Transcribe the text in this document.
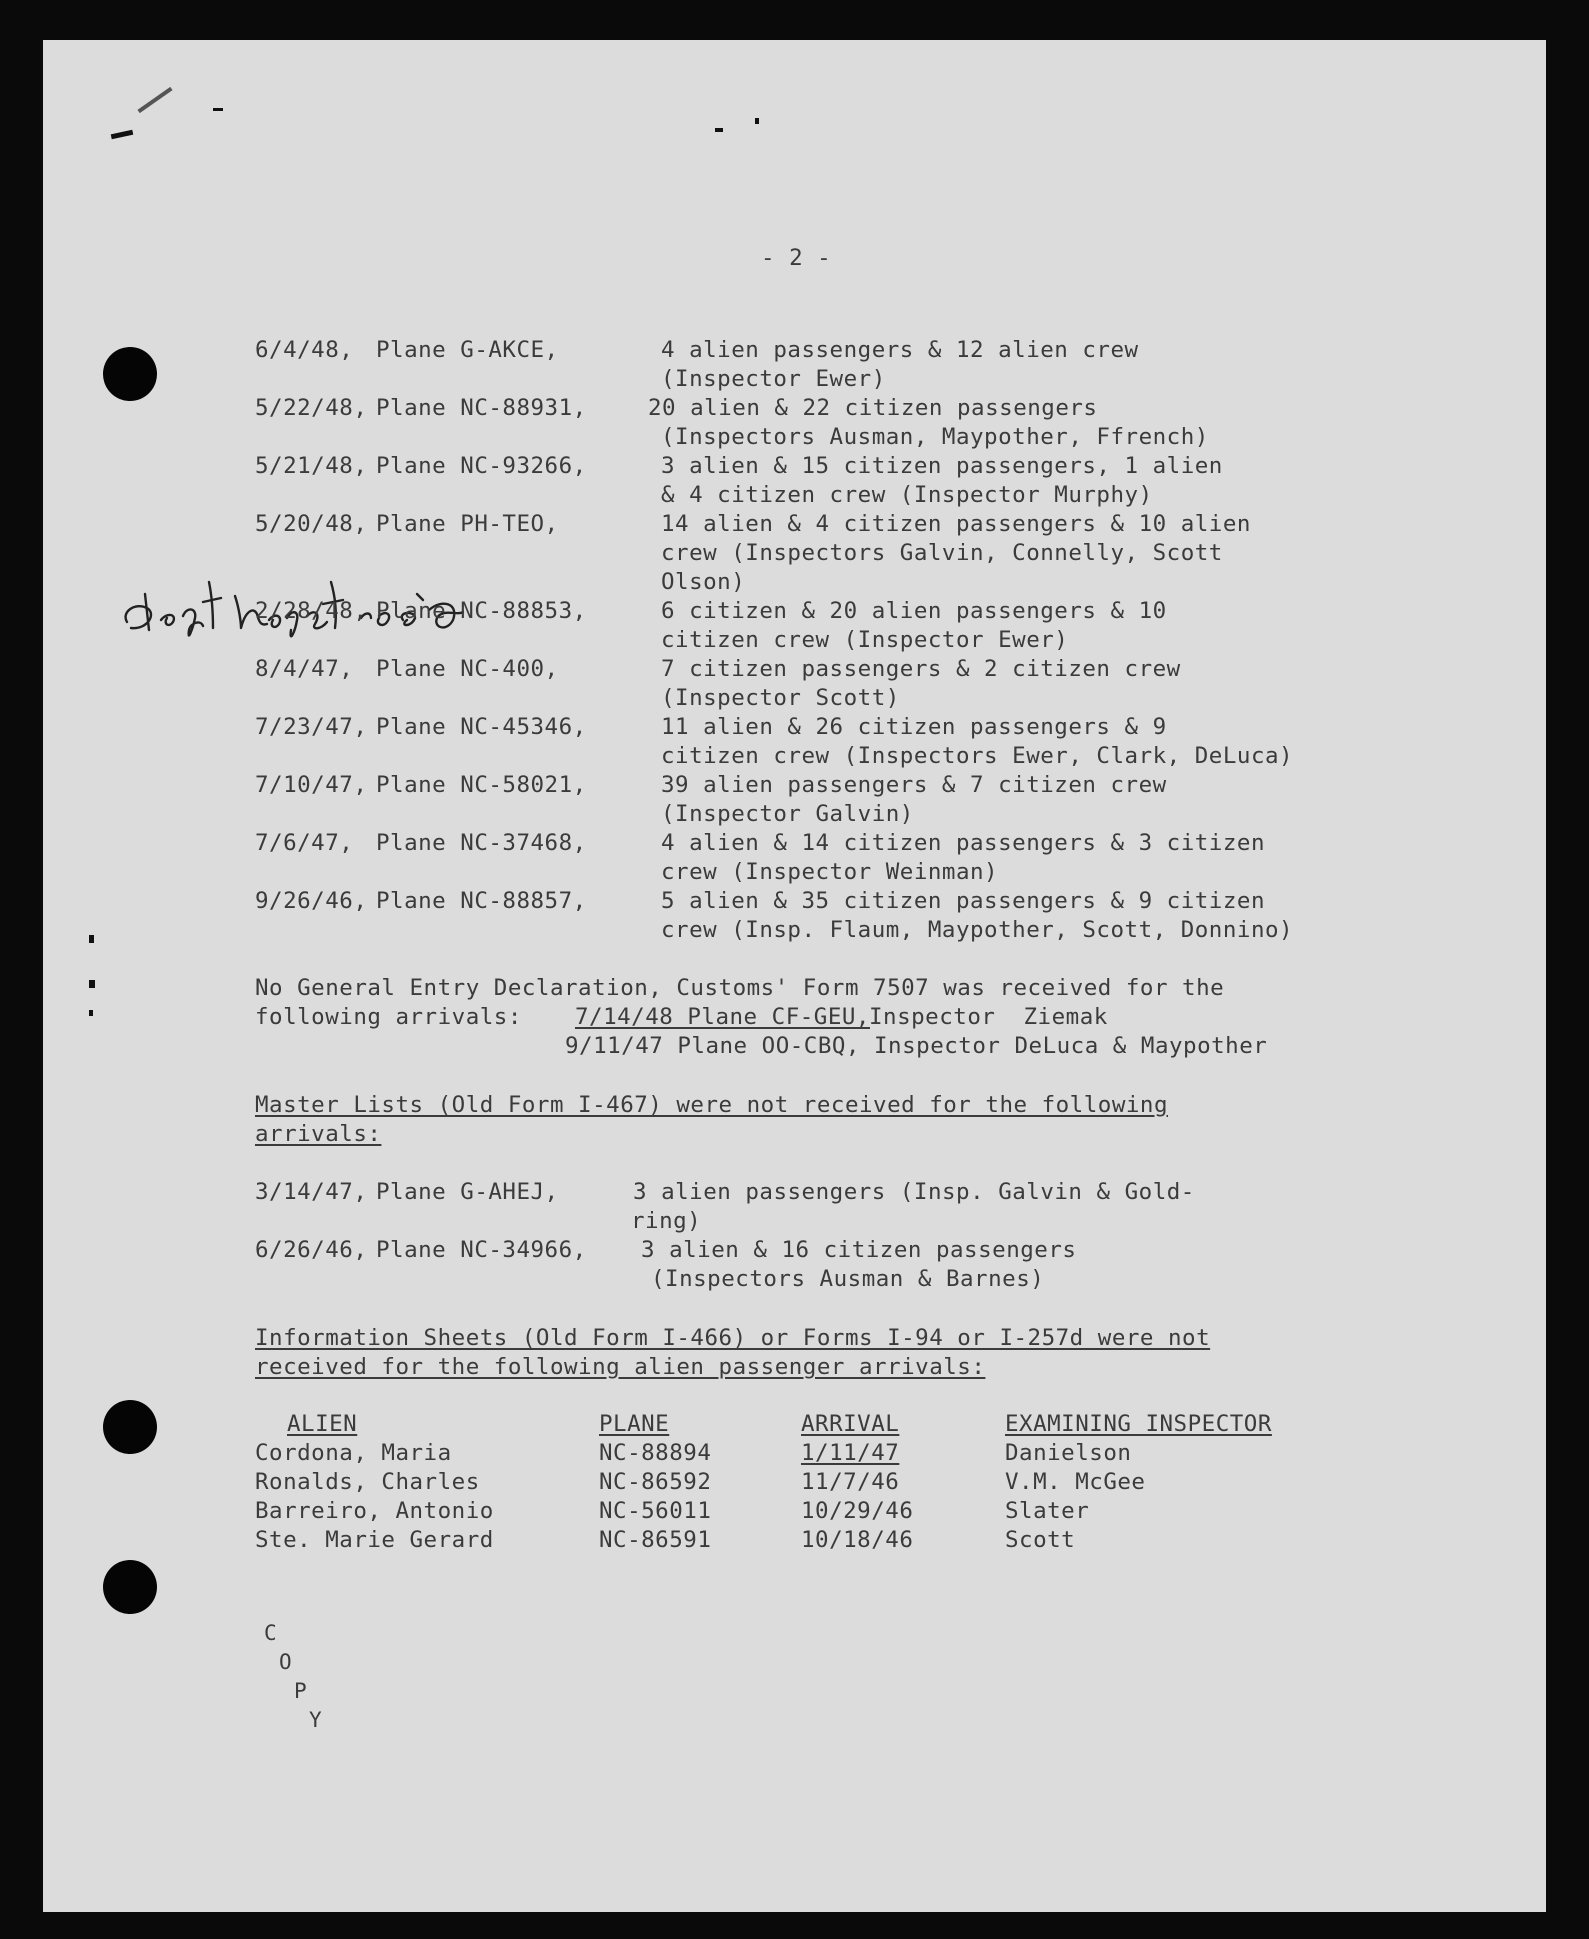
- 2 -
6/4/48, Plane G-AKCE,	4 alien passengers & 12 alien crew
(Inspector Ewer)
5/22/48, Plane NC-88931,	20 alien & 22 citizen passengers
(Inspectors Ausman, Maypother, Ffrench)
5/21/48, Plane NC-93266,	3 alien & 15 citizen passengers, 1 alien
& 4 citizen crew (Inspector Murphy)
5/20/48, Plane PH-TEO,	14 alien & 4 citizen passengers & 10 alien
crew (Inspectors Galvin, Connelly, Scott
Olson)
2/28/48, Plane NC-88853,	6 citizen & 20 alien passengers & 10
citizen crew (Inspector Ewer)
8/4/47, Plane NC-400,	7 citizen passengers & 2 citizen crew
(Inspector Scott)
7/23/47, Plane NC-45346,	11 alien & 26 citizen passengers & 9
citizen crew (Inspectors Ewer, Clark, DeLuca)
7/10/47, Plane NC-58021,	39 alien passengers & 7 citizen crew
(Inspector Galvin)
7/6/47, Plane NC-37468,	4 alien & 14 citizen passengers & 3 citizen
crew (Inspector Weinman)
9/26/46, Plane NC-88857,	5 alien & 35 citizen passengers & 9 citizen
crew (Insp. Flaum, Maypother, Scott, Donnino)
No General Entry Declaration, Customs' Form 7507 was received for the
following arrivals: 7/14/48 Plane CF-GEU, Inspector  Ziemak
9/11/47 Plane OO-CBQ, Inspector DeLuca & Maypother
Master Lists (Old Form I-467) were not received for the following
arrivals:
3/14/47, Plane G-AHEJ,	3 alien passengers (Insp. Galvin & Gold-
ring)
6/26/46, Plane NC-34966, 3 alien & 16 citizen passengers
(Inspectors Ausman & Barnes)
Information Sheets (Old Form I-466) or Forms I-94 or I-257d were not
received for the following alien passenger arrivals:
ALIEN	PLANE	ARRIVAL	EXAMINING INSPECTOR
Cordona, Maria	NC-88894	1/11/47	Danielson
Ronalds, Charles	NC-86592	11/7/46	V.M. McGee
Barreiro, Antonio	NC-56011	10/29/46	Slater
Ste. Marie Gerard	NC-86591	10/18/46	Scott
C
O
P
Y
